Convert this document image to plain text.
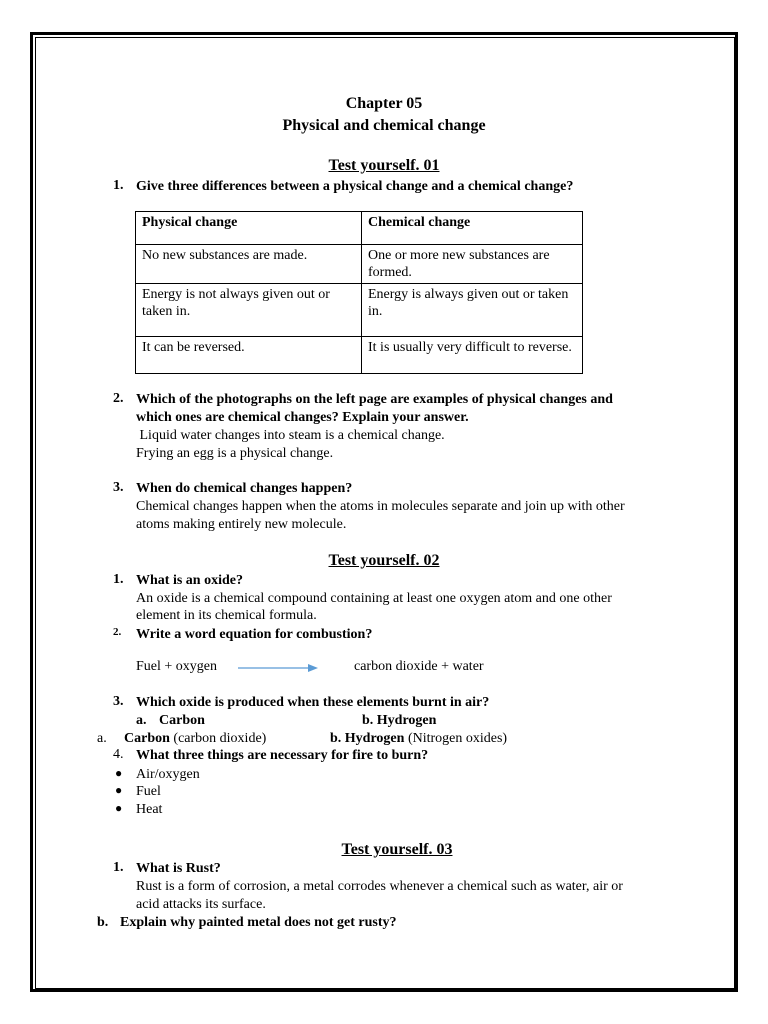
Chapter 05
Physical and chemical change
Test yourself. 01
1. Give three differences between a physical change and a chemical change?
Physical change	Chemical change
No new substances are made.	One or more new substances are formed.
Energy is not always given out or taken in.	Energy is always given out or taken in.
It can be reversed.	It is usually very difficult to reverse.
2. Which of the photographs on the left page are examples of physical changes and
which ones are chemical changes? Explain your answer.
Liquid water changes into steam is a chemical change.
Frying an egg is a physical change.
3. When do chemical changes happen?
Chemical changes happen when the atoms in molecules separate and join up with other
atoms making entirely new molecule.
Test yourself. 02
1. What is an oxide?
An oxide is a chemical compound containing at least one oxygen atom and one other
element in its chemical formula.
2. Write a word equation for combustion?
Fuel + oxygen	carbon dioxide + water
3. Which oxide is produced when these elements burnt in air?
a. Carbon	b. Hydrogen
a. Carbon (carbon dioxide)	b. Hydrogen (Nitrogen oxides)
4. What three things are necessary for fire to burn?
● Air/oxygen
● Fuel
● Heat
Test yourself. 03
1. What is Rust?
Rust is a form of corrosion, a metal corrodes whenever a chemical such as water, air or
acid attacks its surface.
b. Explain why painted metal does not get rusty?
